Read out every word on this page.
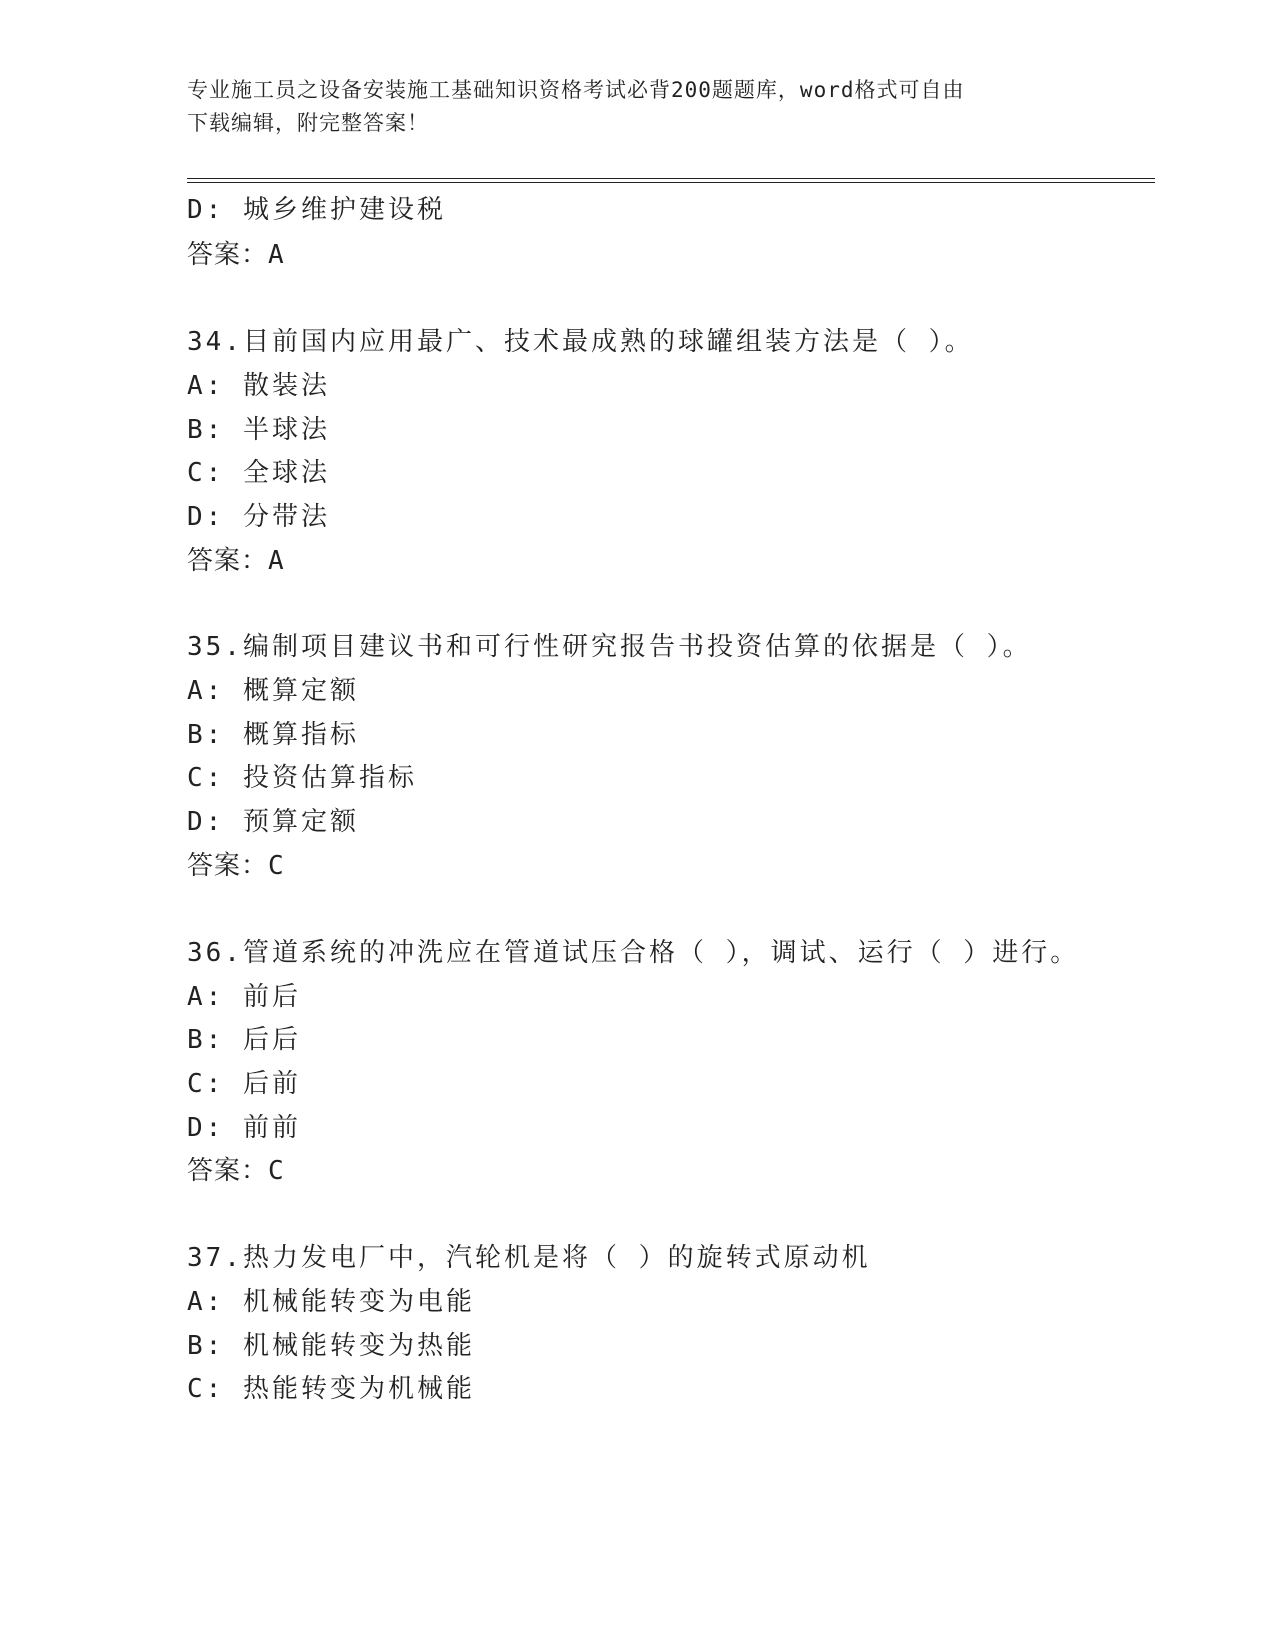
专业施工员之设备安装施工基础知识资格考试必背200题题库，word格式可自由
下载编辑，附完整答案！
D: 城乡维护建设税
答案：A
34.目前国内应用最广、技术最成熟的球罐组装方法是（ ）。
A: 散装法
B: 半球法
C: 全球法
D: 分带法
答案：A
35.编制项目建议书和可行性研究报告书投资估算的依据是（ ）。
A: 概算定额
B: 概算指标
C: 投资估算指标
D: 预算定额
答案：C
36.管道系统的冲洗应在管道试压合格（ ），调试、运行（ ）进行。
A: 前后
B: 后后
C: 后前
D: 前前
答案：C
37.热力发电厂中，汽轮机是将（ ）的旋转式原动机
A: 机械能转变为电能
B: 机械能转变为热能
C: 热能转变为机械能
